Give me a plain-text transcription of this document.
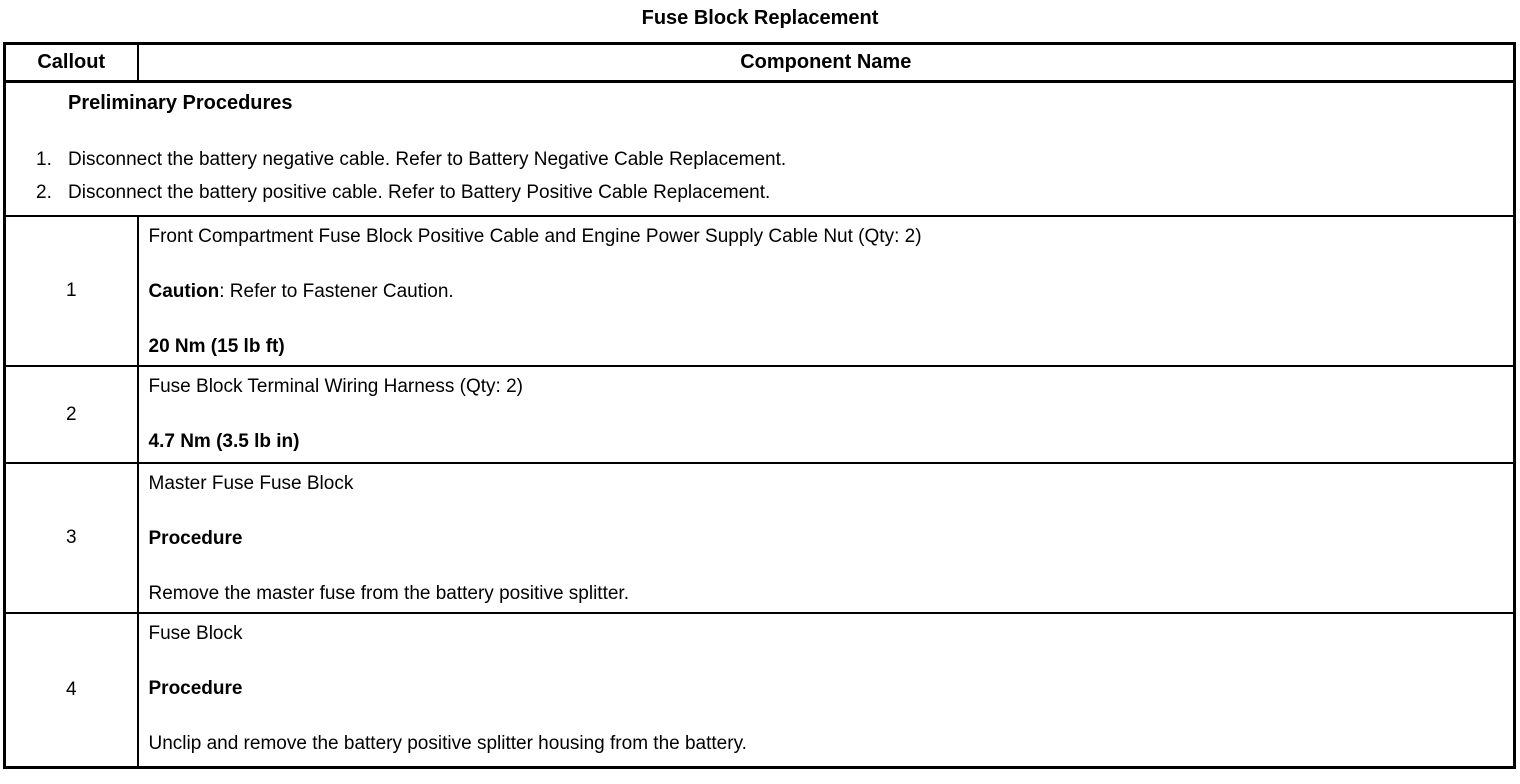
Fuse Block Replacement
Callout	Component Name

Preliminary Procedures
1. Disconnect the battery negative cable. Refer to Battery Negative Cable Replacement.
2. Disconnect the battery positive cable. Refer to Battery Positive Cable Replacement.	

1	Front Compartment Fuse Block Positive Cable and Engine Power Supply Cable Nut (Qty: 2)

Caution: Refer to Fastener Caution.

20 Nm (15 lb ft)

2	Fuse Block Terminal Wiring Harness (Qty: 2)

4.7 Nm (3.5 lb in)

3	Master Fuse Fuse Block

Procedure

Remove the master fuse from the battery positive splitter.

4	Fuse Block

Procedure

Unclip and remove the battery positive splitter housing from the battery.
